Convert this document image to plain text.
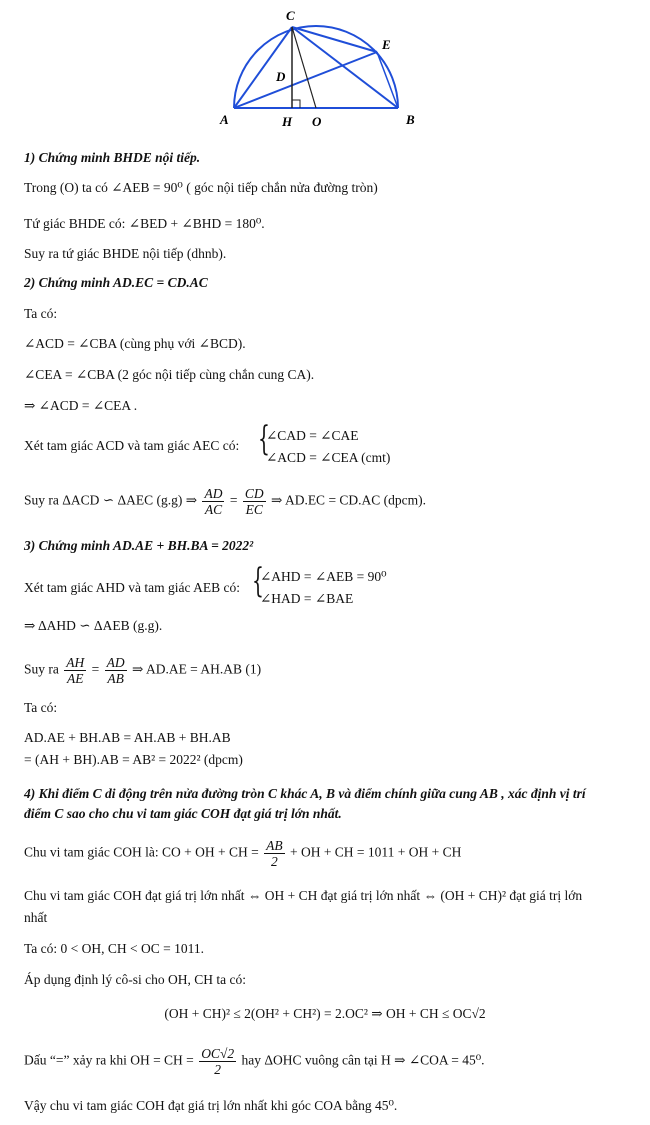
C
E
D
A	H O	B
1) Chứng minh BHDE nội tiếp.
Trong (O) ta có ∠AEB = 90⁰ ( góc nội tiếp chắn nửa đường tròn)
Tứ giác BHDE có: ∠BED + ∠BHD = 180⁰.
Suy ra tứ giác BHDE nội tiếp (dhnb).
2) Chứng minh AD.EC = CD.AC
Ta có:
∠ACD = ∠CBA (cùng phụ với ∠BCD).
∠CEA = ∠CBA (2 góc nội tiếp cùng chắn cung CA).
⇒ ∠ACD = ∠CEA .
Xét tam giác ACD và tam giác AEC có: {
∠CAD = ∠CAE
∠ACD = ∠CEA (cmt)
Suy ra ΔACD ∽ ΔAEC (g.g) ⇒ $\frac{AD}{AC} = \frac{CD}{EC}$ ⇒ AD.EC = CD.AC (dpcm).
3) Chứng minh AD.AE + BH.BA = 2022²
Xét tam giác AHD và tam giác AEB có: {
∠AHD = ∠AEB = 90⁰
∠HAD = ∠BAE
⇒ ΔAHD ∽ ΔAEB (g.g).
Suy ra $\frac{AH}{AE} = \frac{AD}{AB}$ ⇒ AD.AE = AH.AB (1)
Ta có:
AD.AE + BH.AB = AH.AB + BH.AB
= (AH + BH).AB = AB² = 2022² (dpcm)
4) Khi điểm C di động trên nửa đường tròn C khác A, B và điểm chính giữa cung AB , xác định vị trí
điểm C sao cho chu vi tam giác COH đạt giá trị lớn nhất.
Chu vi tam giác COH là: CO + OH + CH = $\frac{AB}{2}$ + OH + CH = 1011 + OH + CH
Chu vi tam giác COH đạt giá trị lớn nhất ⇔ OH + CH đạt giá trị lớn nhất ⇔ (OH + CH)² đạt giá trị lớn
nhất
Ta có: 0 < OH, CH < OC = 1011.
Áp dụng định lý cô-si cho OH, CH ta có:
(OH + CH)² ≤ 2(OH² + CH²) = 2.OC² ⇒ OH + CH ≤ OC√2
Dấu “=” xảy ra khi OH = CH = $\frac{OC√2}{2}$ hay ΔOHC vuông cân tại H ⇒ ∠COA = 45⁰.
Vậy chu vi tam giác COH đạt giá trị lớn nhất khi góc COA bằng 45⁰.
